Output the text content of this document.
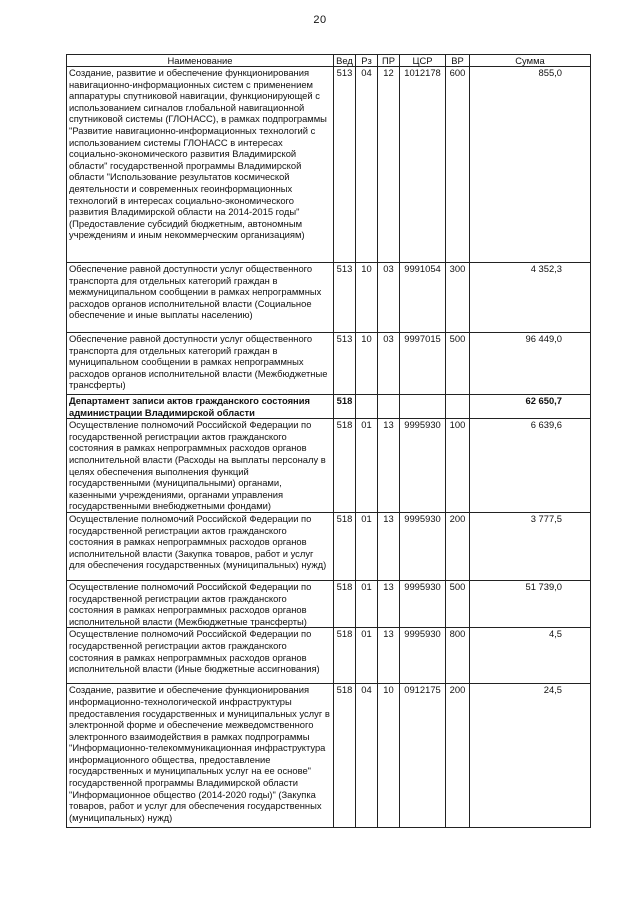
20
Наименование	Вед	Рз	ПР	ЦСР	ВР	Сумма
Создание, развитие и обеспечение функционирования навигационно-информационных систем с применением аппаратуры спутниковой навигации, функционирующей с использованием сигналов глобальной навигационной спутниковой системы (ГЛОНАСС), в рамках подпрограммы "Развитие навигационно-информационных технологий с использованием системы ГЛОНАСС в интересах социально-экономического развития Владимирской области" государственной программы Владимирской области "Использование результатов космической деятельности и современных геоинформационных технологий в интересах социально-экономического развития Владимирской области на 2014-2015 годы" (Предоставление субсидий бюджетным, автономным учреждениям и иным некоммерческим организациям)	513	04	12	1012178	600	855,0
Обеспечение равной доступности услуг общественного транспорта для отдельных категорий граждан в межмуниципальном сообщении в рамках непрограммных расходов органов исполнительной власти (Социальное обеспечение и иные выплаты населению)	513	10	03	9991054	300	4 352,3
Обеспечение равной доступности услуг общественного транспорта для отдельных категорий граждан в муниципальном сообщении в рамках непрограммных расходов органов исполнительной власти (Межбюджетные трансферты)	513	10	03	9997015	500	96 449,0
Департамент записи актов гражданского состояния администрации Владимирской области	518					62 650,7
Осуществление полномочий Российской Федерации по государственной регистрации актов гражданского состояния в рамках непрограммных расходов органов исполнительной власти (Расходы на выплаты персоналу в целях обеспечения выполнения функций государственными (муниципальными) органами, казенными учреждениями, органами управления государственными внебюджетными фондами)	518	01	13	9995930	100	6 639,6
Осуществление полномочий Российской Федерации по государственной регистрации актов гражданского состояния в рамках непрограммных расходов органов исполнительной власти (Закупка товаров, работ и услуг для обеспечения государственных (муниципальных) нужд)	518	01	13	9995930	200	3 777,5
Осуществление полномочий Российской Федерации по государственной регистрации актов гражданского состояния в рамках непрограммных расходов органов исполнительной власти (Межбюджетные трансферты)	518	01	13	9995930	500	51 739,0
Осуществление полномочий Российской Федерации по государственной регистрации актов гражданского состояния в рамках непрограммных расходов органов исполнительной власти (Иные бюджетные ассигнования)	518	01	13	9995930	800	4,5
Создание, развитие и обеспечение функционирования информационно-технологической инфраструктуры предоставления государственных и муниципальных услуг в электронной форме и обеспечение межведомственного электронного взаимодействия в рамках подпрограммы "Информационно-телекоммуникационная инфраструктура информационного общества, предоставление государственных и муниципальных услуг на ее основе" государственной программы Владимирской области "Информационное общество (2014-2020 годы)" (Закупка товаров, работ и услуг для обеспечения государственных (муниципальных) нужд)	518	04	10	0912175	200	24,5
